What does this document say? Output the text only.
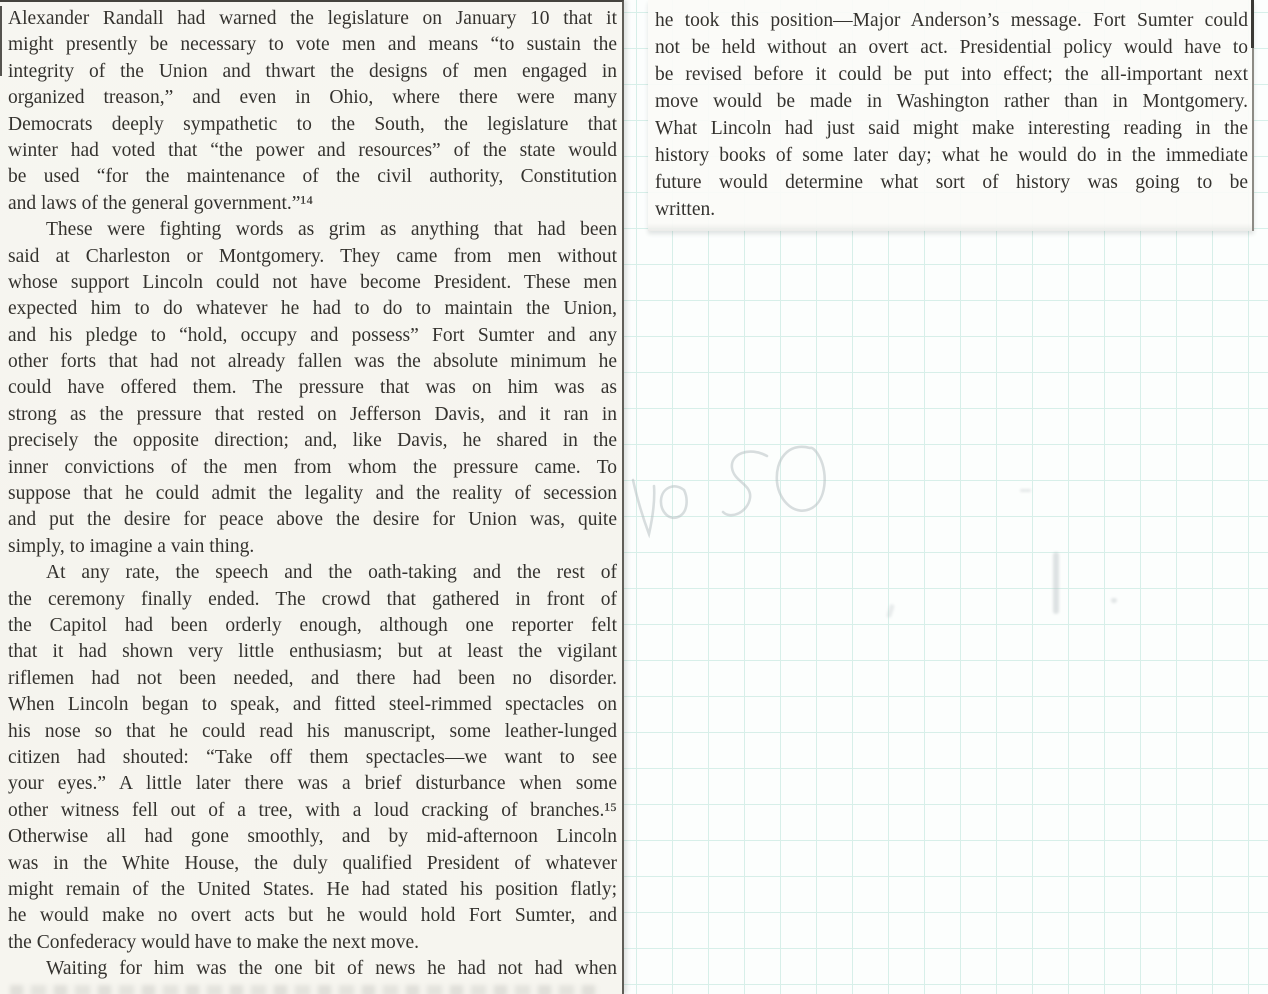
Alexander Randall had warned the legislature on January 10 that it
might presently be necessary to vote men and means “to sustain the
integrity of the Union and thwart the designs of men engaged in
organized treason,” and even in Ohio, where there were many
Democrats deeply sympathetic to the South, the legislature that
winter had voted that “the power and resources” of the state would
be used “for the maintenance of the civil authority, Constitution
and laws of the general government.”¹⁴
These were fighting words as grim as anything that had been
said at Charleston or Montgomery. They came from men without
whose support Lincoln could not have become President. These men
expected him to do whatever he had to do to maintain the Union,
and his pledge to “hold, occupy and possess” Fort Sumter and any
other forts that had not already fallen was the absolute minimum he
could have offered them. The pressure that was on him was as
strong as the pressure that rested on Jefferson Davis, and it ran in
precisely the opposite direction; and, like Davis, he shared in the
inner convictions of the men from whom the pressure came. To
suppose that he could admit the legality and the reality of secession
and put the desire for peace above the desire for Union was, quite
simply, to imagine a vain thing.
At any rate, the speech and the oath-taking and the rest of
the ceremony finally ended. The crowd that gathered in front of
the Capitol had been orderly enough, although one reporter felt
that it had shown very little enthusiasm; but at least the vigilant
riflemen had not been needed, and there had been no disorder.
When Lincoln began to speak, and fitted steel-rimmed spectacles on
his nose so that he could read his manuscript, some leather-lunged
citizen had shouted: “Take off them spectacles—we want to see
your eyes.” A little later there was a brief disturbance when some
other witness fell out of a tree, with a loud cracking of branches.¹⁵
Otherwise all had gone smoothly, and by mid-afternoon Lincoln
was in the White House, the duly qualified President of whatever
might remain of the United States. He had stated his position flatly;
he would make no overt acts but he would hold Fort Sumter, and
the Confederacy would have to make the next move.
Waiting for him was the one bit of news he had not had when
he took this position—Major Anderson’s message. Fort Sumter could
not be held without an overt act. Presidential policy would have to
be revised before it could be put into effect; the all-important next
move would be made in Washington rather than in Montgomery.
What Lincoln had just said might make interesting reading in the
history books of some later day; what he would do in the immediate
future would determine what sort of history was going to be
written.
